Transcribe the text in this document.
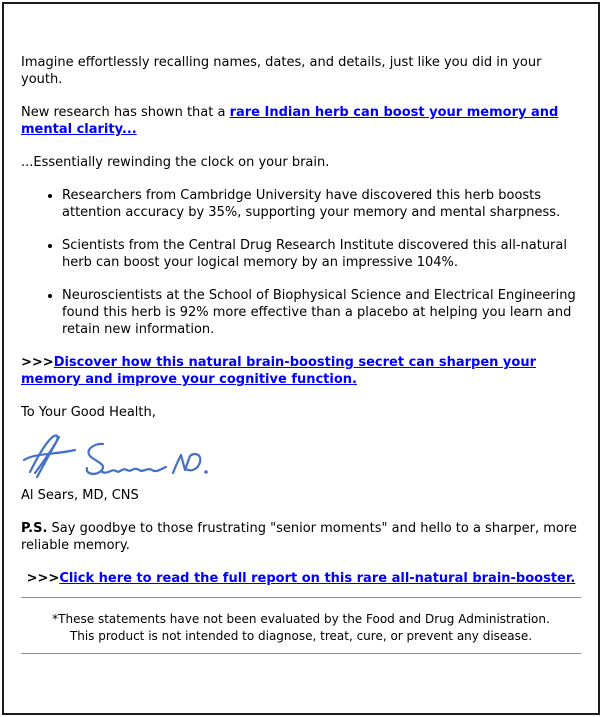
Imagine effortlessly recalling names, dates, and details, just like you did in your youth.

New research has shown that a rare Indian herb can boost your memory and mental clarity...

...Essentially rewinding the clock on your brain.

• Researchers from Cambridge University have discovered this herb boosts attention accuracy by 35%, supporting your memory and mental sharpness.
• Scientists from the Central Drug Research Institute discovered this all-natural herb can boost your logical memory by an impressive 104%.
• Neuroscientists at the School of Biophysical Science and Electrical Engineering found this herb is 92% more effective than a placebo at helping you learn and retain new information.

>>>Discover how this natural brain-boosting secret can sharpen your memory and improve your cognitive function.

To Your Good Health,

Al Sears, MD, CNS

P.S. Say goodbye to those frustrating "senior moments" and hello to a sharper, more reliable memory.

>>>Click here to read the full report on this rare all-natural brain-booster.

*These statements have not been evaluated by the Food and Drug Administration.
This product is not intended to diagnose, treat, cure, or prevent any disease.
